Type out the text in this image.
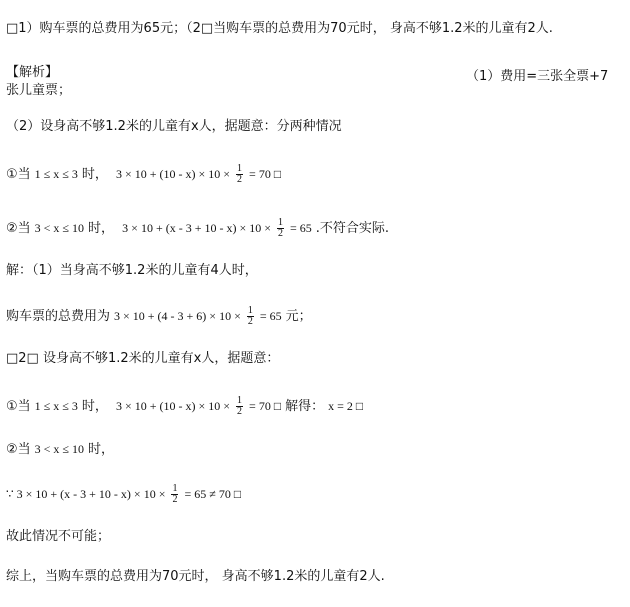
□1）购车票的总费用为65元；（2□当购车票的总费用为70元时， 身高不够1.2米的儿童有2人.
【解析】	（1）费用=三张全票+7
张儿童票；
（2）设身高不够1.2米的儿童有x人，据题意：分两种情况
①当 1 ≤ x ≤ 3 时， $3 \times 10 + (10 - x) \times 10 \times \frac{1}{2} = 70$ □
②当 3 < x ≤ 10 时， $3 \times 10 + (x - 3 + 10 - x) \times 10 \times \frac{1}{2} = 65$ .不符合实际.
解：（1）当身高不够1.2米的儿童有4人时，
购车票的总费用为 $3 \times 10 + (4 - 3 + 6) \times 10 \times \frac{1}{2} = 65$ 元；
□2□ 设身高不够1.2米的儿童有x人，据题意：
①当 1 ≤ x ≤ 3 时， $3 \times 10 + (10 - x) \times 10 \times \frac{1}{2} = 70$ □ 解得： x = 2 □
②当 3 < x ≤ 10 时，
∵ $3 \times 10 + (x - 3 + 10 - x) \times 10 \times \frac{1}{2} = 65 \ne 70$ □
故此情况不可能；
综上，当购车票的总费用为70元时， 身高不够1.2米的儿童有2人.
